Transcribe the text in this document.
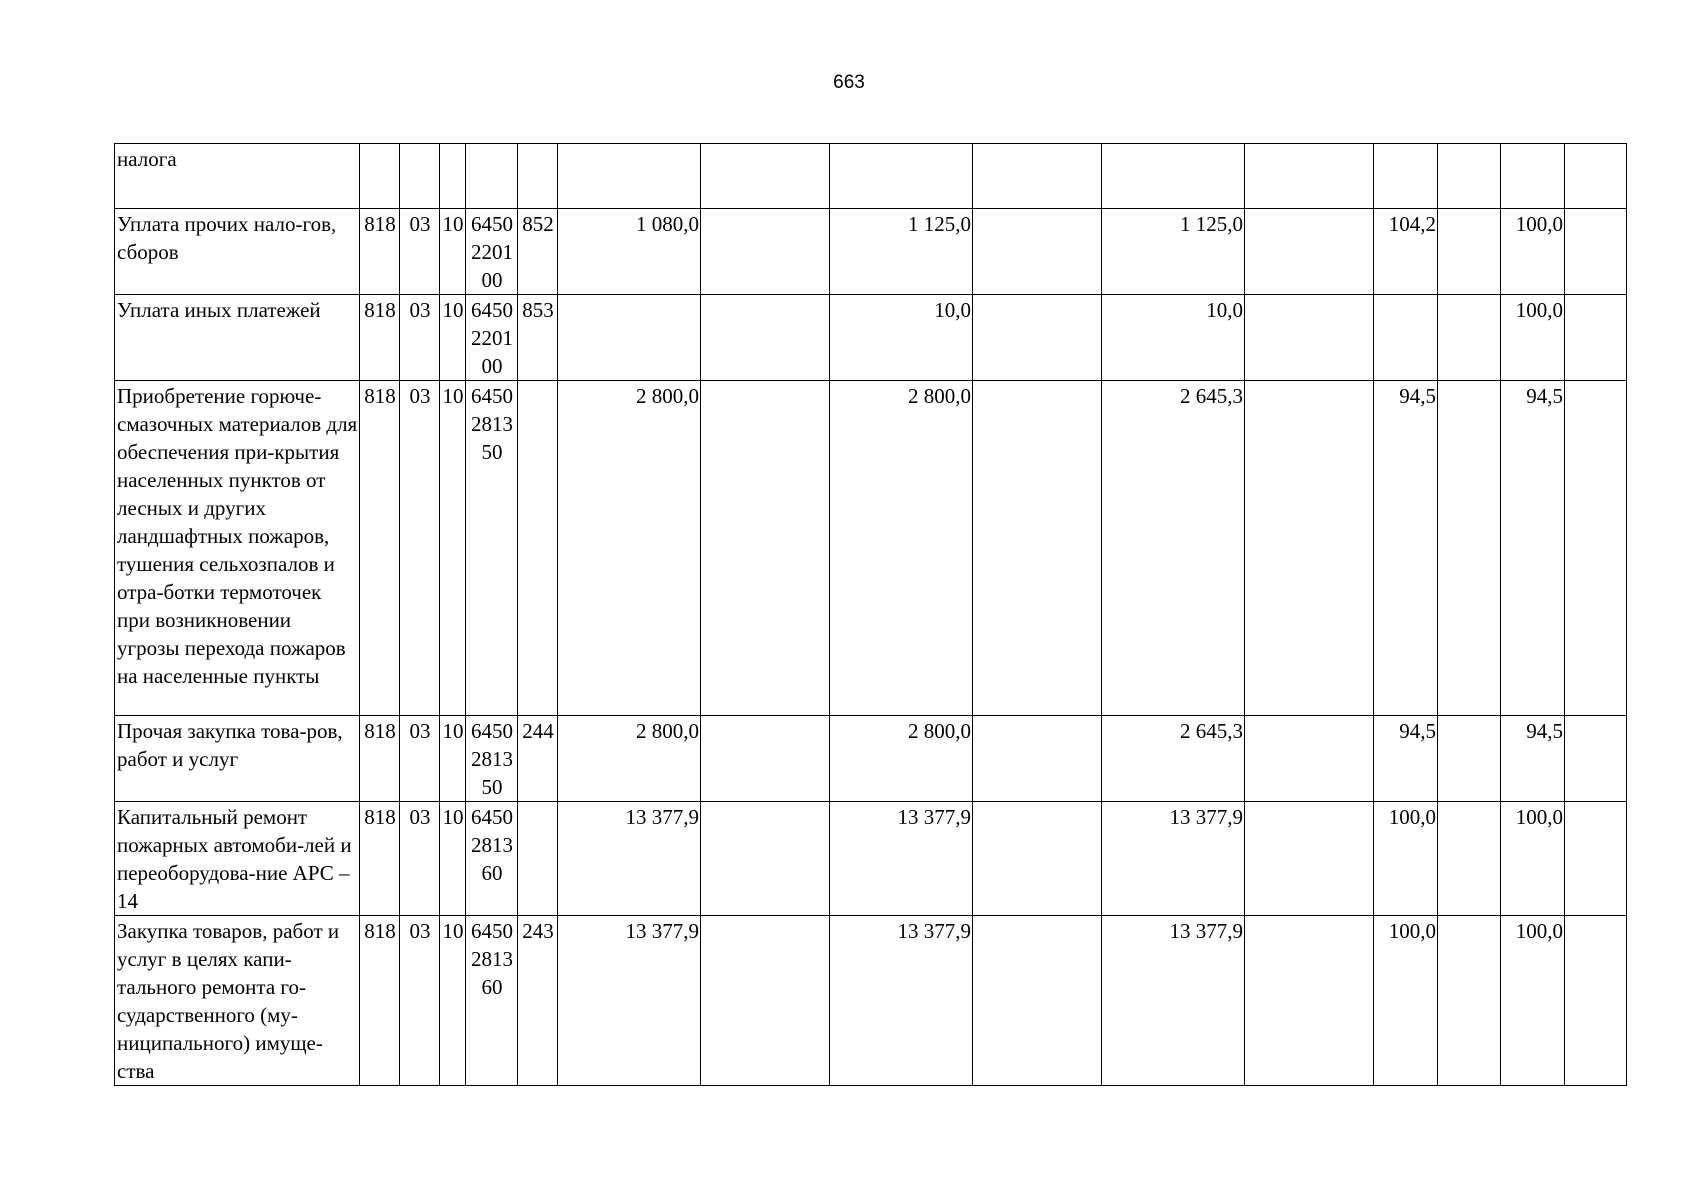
663
налога															
Уплата прочих нало-гов, сборов	818	03	10	6450220100	852	1 080,0		1 125,0		1 125,0		104,2		100,0	
Уплата иных платежей	818	03	10	6450220100	853			10,0		10,0				100,0	
Приобретение горюче-смазочных материалов для обеспечения при-крытия населенных пунктов от лесных и других ландшафтных пожаров, тушения сельхозпалов и отра-ботки термоточек при возникновении угрозы перехода пожаров на населенные пункты	818	03	10	6450281350		2 800,0		2 800,0		2 645,3		94,5		94,5	
Прочая закупка това-ров, работ и услуг	818	03	10	6450281350	244	2 800,0		2 800,0		2 645,3		94,5		94,5	
Капитальный ремонт пожарных автомоби-лей и переоборудова-ние АРС – 14	818	03	10	6450281360		13 377,9		13 377,9		13 377,9		100,0		100,0	
Закупка товаров, работ и услуг в целях капи-тального ремонта го-сударственного (му-ниципального) имуще-ства	818	03	10	6450281360	243	13 377,9		13 377,9		13 377,9		100,0		100,0	
